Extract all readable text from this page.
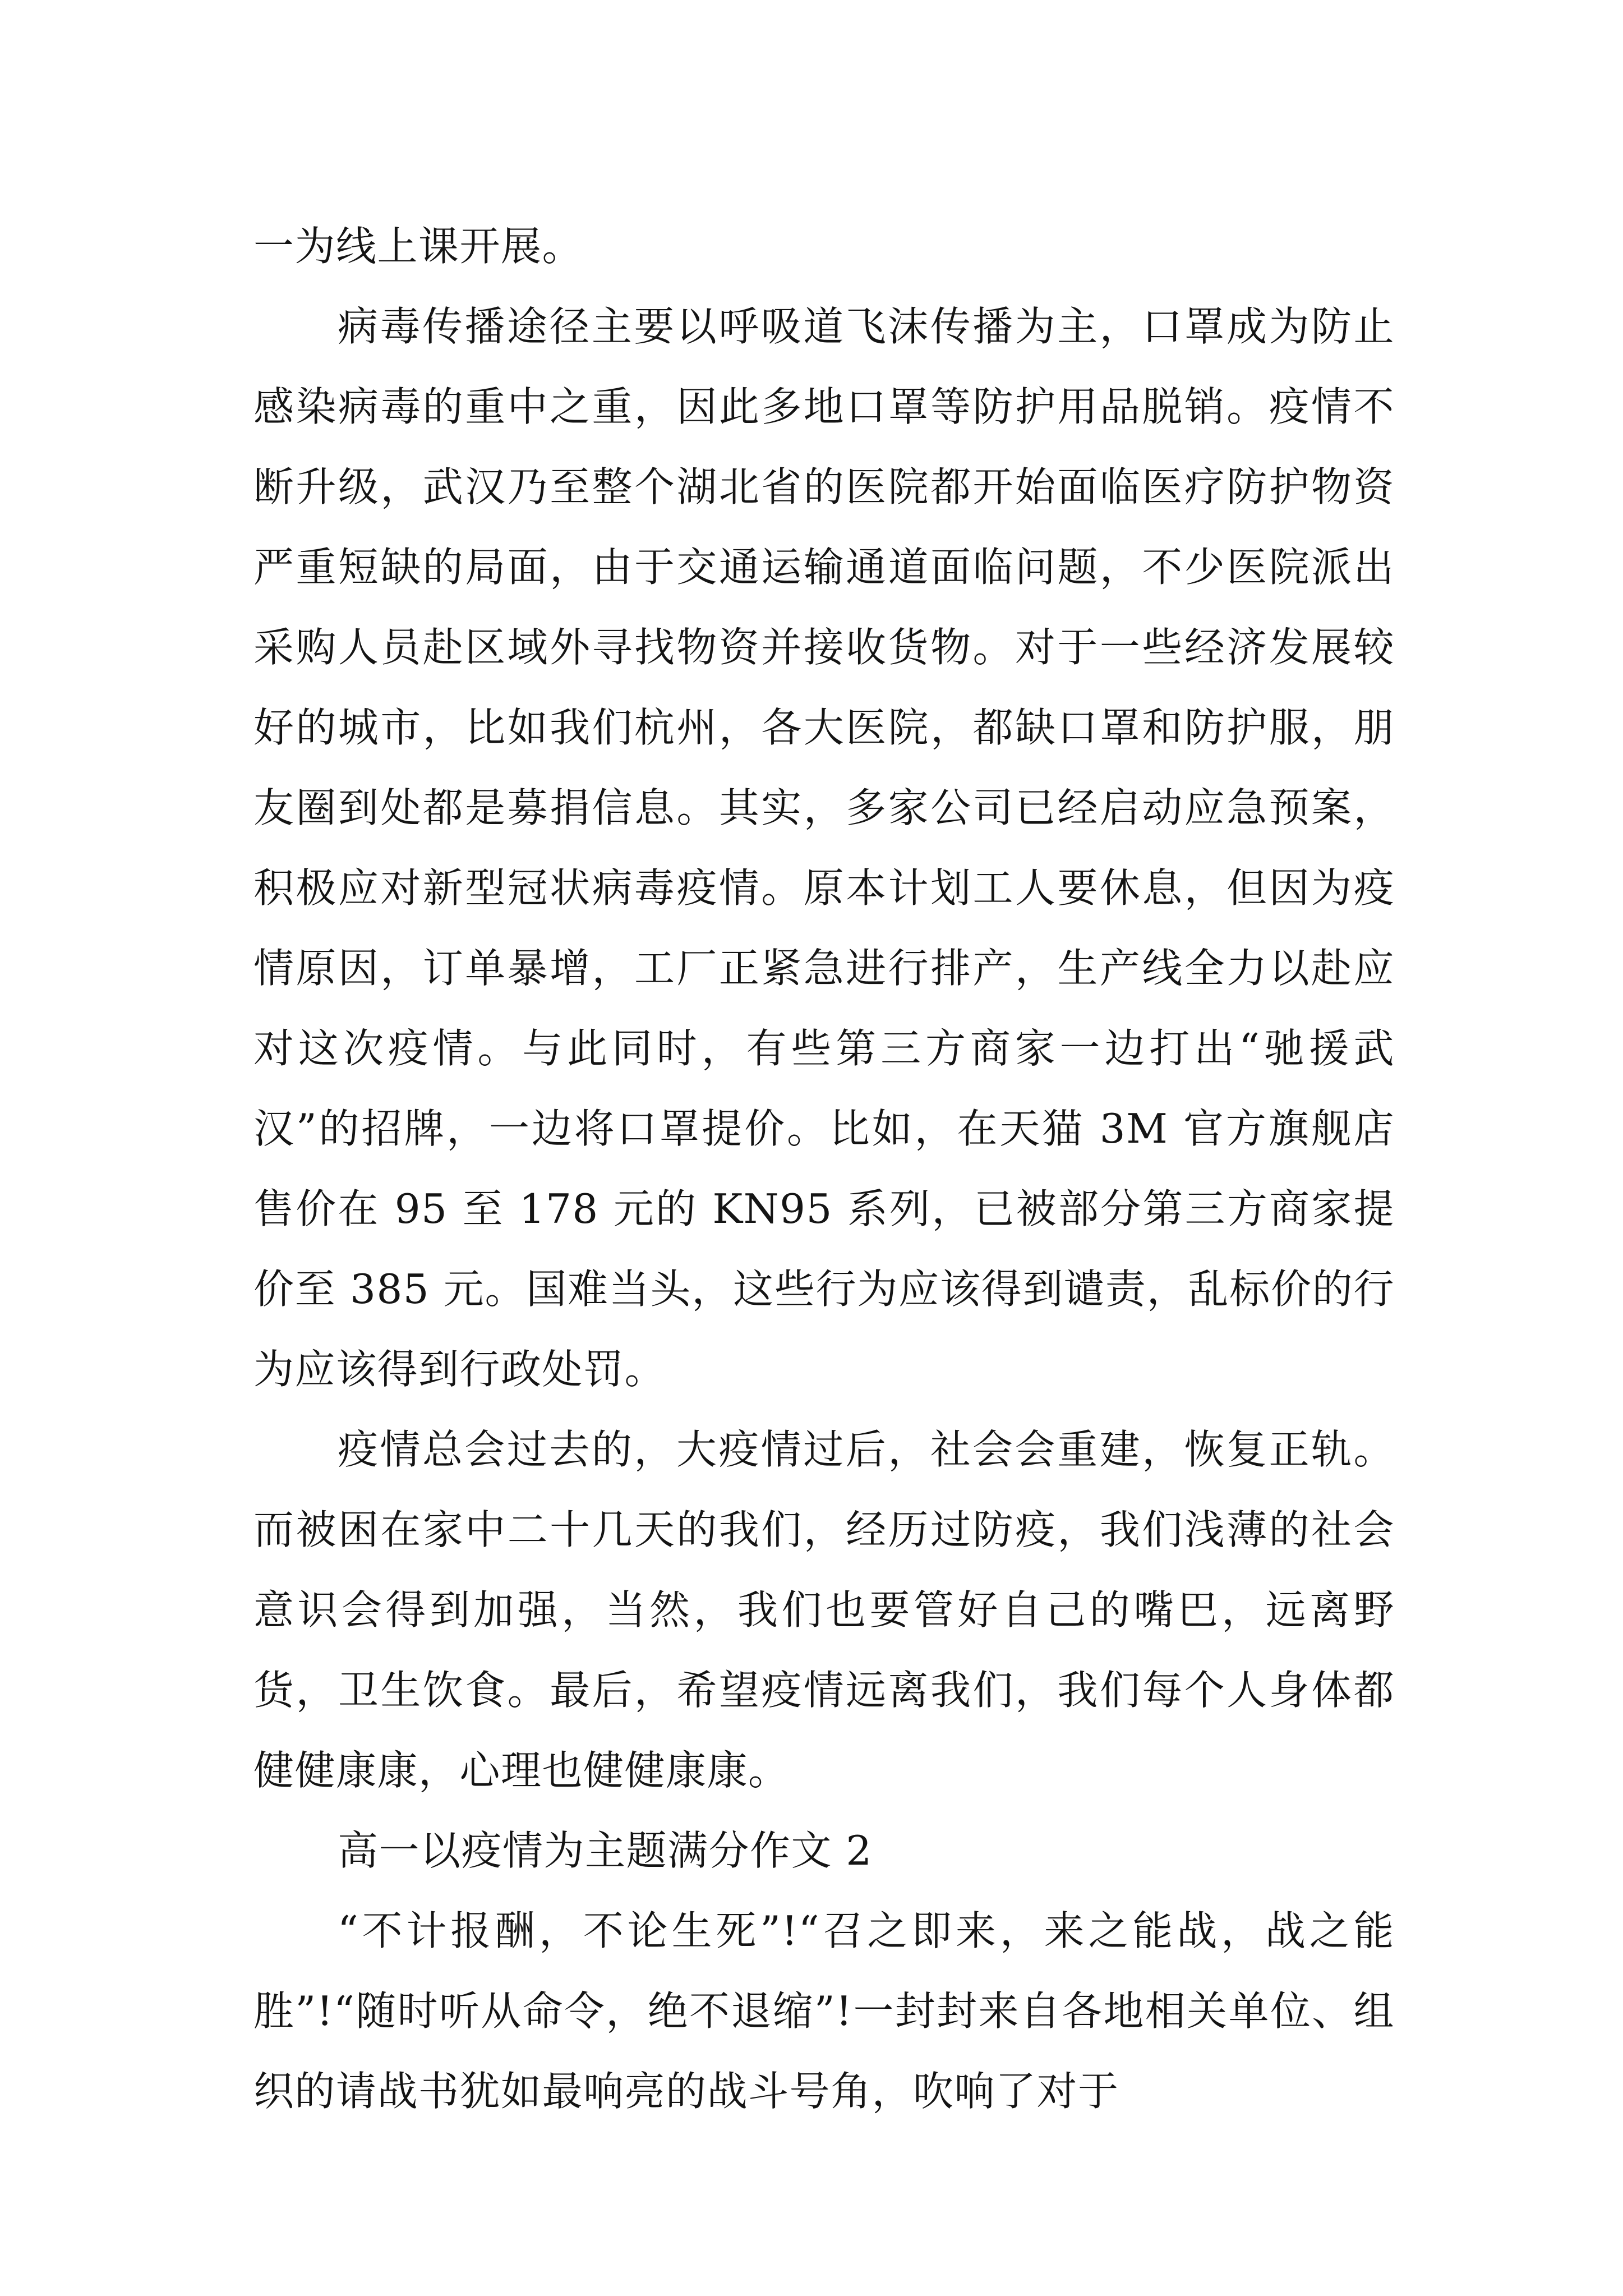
一为线上课开展。

病毒传播途径主要以呼吸道飞沫传播为主，口罩成为防止感染病毒的重中之重，因此多地口罩等防护用品脱销。疫情不断升级，武汉乃至整个湖北省的医院都开始面临医疗防护物资严重短缺的局面，由于交通运输通道面临问题，不少医院派出采购人员赴区域外寻找物资并接收货物。对于一些经济发展较好的城市，比如我们杭州，各大医院，都缺口罩和防护服，朋友圈到处都是募捐信息。其实，多家公司已经启动应急预案，积极应对新型冠状病毒疫情。原本计划工人要休息，但因为疫情原因，订单暴增，工厂正紧急进行排产，生产线全力以赴应对这次疫情。与此同时，有些第三方商家一边打出“驰援武汉”的招牌，一边将口罩提价。比如，在天猫 3M 官方旗舰店售价在 95 至 178 元的 KN95 系列，已被部分第三方商家提价至 385 元。国难当头，这些行为应该得到谴责，乱标价的行为应该得到行政处罚。

疫情总会过去的，大疫情过后，社会会重建，恢复正轨。而被困在家中二十几天的我们，经历过防疫，我们浅薄的社会意识会得到加强，当然，我们也要管好自己的嘴巴，远离野货，卫生饮食。最后，希望疫情远离我们，我们每个人身体都健健康康，心理也健健康康。

高一以疫情为主题满分作文 2

“不计报酬，不论生死”!“召之即来，来之能战，战之能胜”!“随时听从命令，绝不退缩”!一封封来自各地相关单位、组织的请战书犹如最响亮的战斗号角，吹响了对于
